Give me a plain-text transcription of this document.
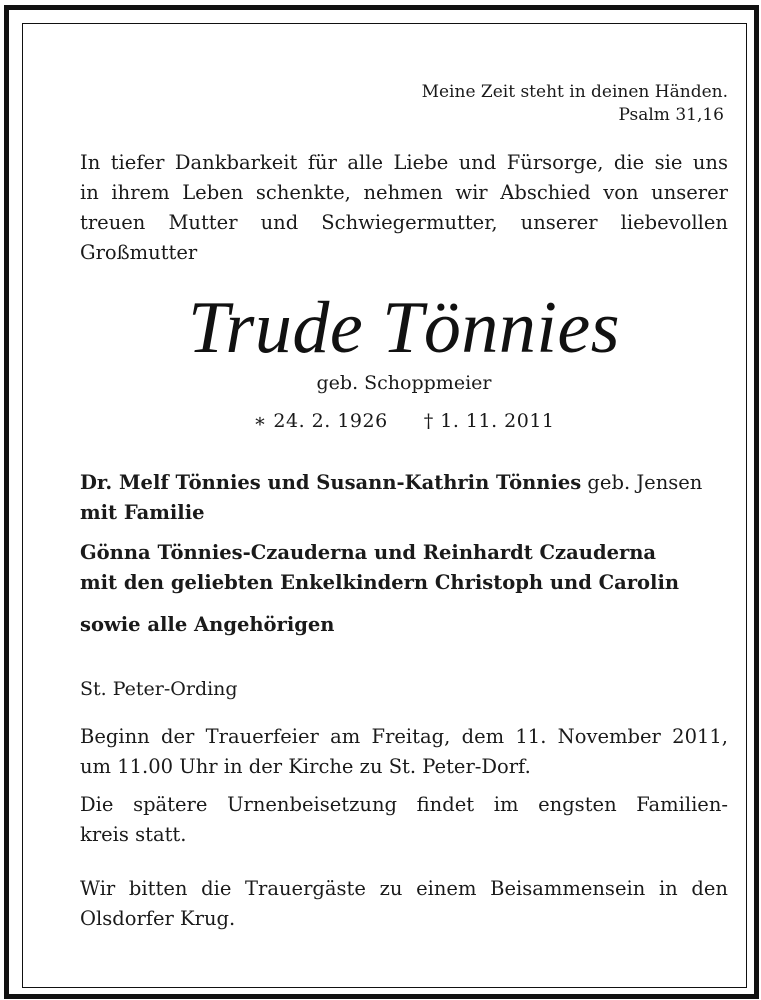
Meine Zeit steht in deinen Händen.
Psalm 31,16
In tiefer Dankbarkeit für alle Liebe und Fürsorge, die sie uns
in ihrem Leben schenkte, nehmen wir Abschied von unserer
treuen Mutter und Schwiegermutter, unserer liebevollen
Großmutter
Trude Tönnies
geb. Schoppmeier
∗ 24. 2. 1926 † 1. 11. 2011
Dr. Melf Tönnies und Susann-Kathrin Tönnies geb. Jensen
mit Familie
Gönna Tönnies-Czauderna und Reinhardt Czauderna
mit den geliebten Enkelkindern Christoph und Carolin
sowie alle Angehörigen
St. Peter-Ording
Beginn der Trauerfeier am Freitag, dem 11. November 2011,
um 11.00 Uhr in der Kirche zu St. Peter-Dorf.
Die spätere Urnenbeisetzung findet im engsten Familien-
kreis statt.
Wir bitten die Trauergäste zu einem Beisammensein in den
Olsdorfer Krug.
